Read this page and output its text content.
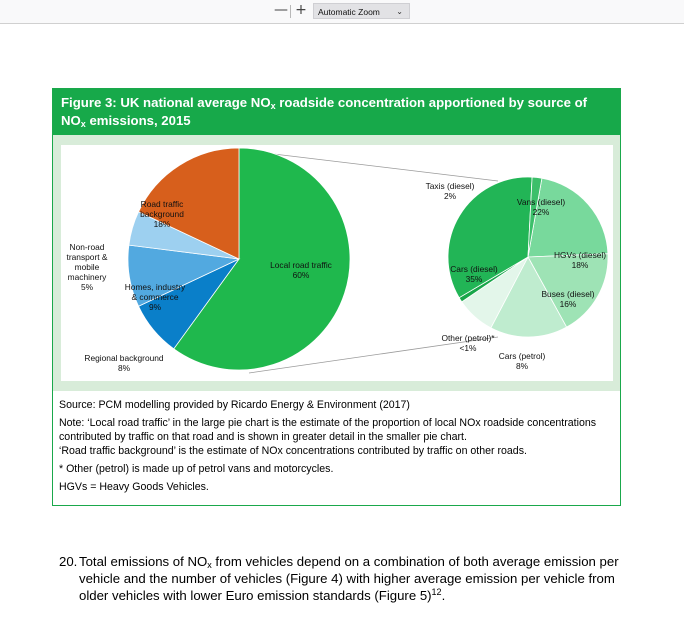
— +	Automatic Zoom ⌄
Figure 3: UK national average $NO_x$ roadside concentration apportioned by source of $NO_x$ emissions, 2015
Local road traffic 60%
Regional background 8%
Homes, industry & commerce 9%
Non-road transport & mobile machinery 5%
Road traffic background 18%
Vans (diesel) 22%
HGVs (diesel) 18%
Buses (diesel) 16%
Cars (petrol) 8%
Other (petrol)* <1%
Cars (diesel) 35%
Taxis (diesel) 2%

Source: PCM modelling provided by Ricardo Energy & Environment (2017)

Note: ‘Local road traffic’ in the large pie chart is the estimate of the proportion of local NOx roadside concentrations contributed by traffic on that road and is shown in greater detail in the smaller pie chart.

‘Road traffic background’ is the estimate of NOx concentrations contributed by traffic on other roads.

* Other (petrol) is made up of petrol vans and motorcycles.

HGVs = Heavy Goods Vehicles.

20. Total emissions of $NO_x$ from vehicles depend on a combination of both average emission per vehicle and the number of vehicles (Figure 4) with higher average emission per vehicle from older vehicles with lower Euro emission standards (Figure 5)$^{12}$.
